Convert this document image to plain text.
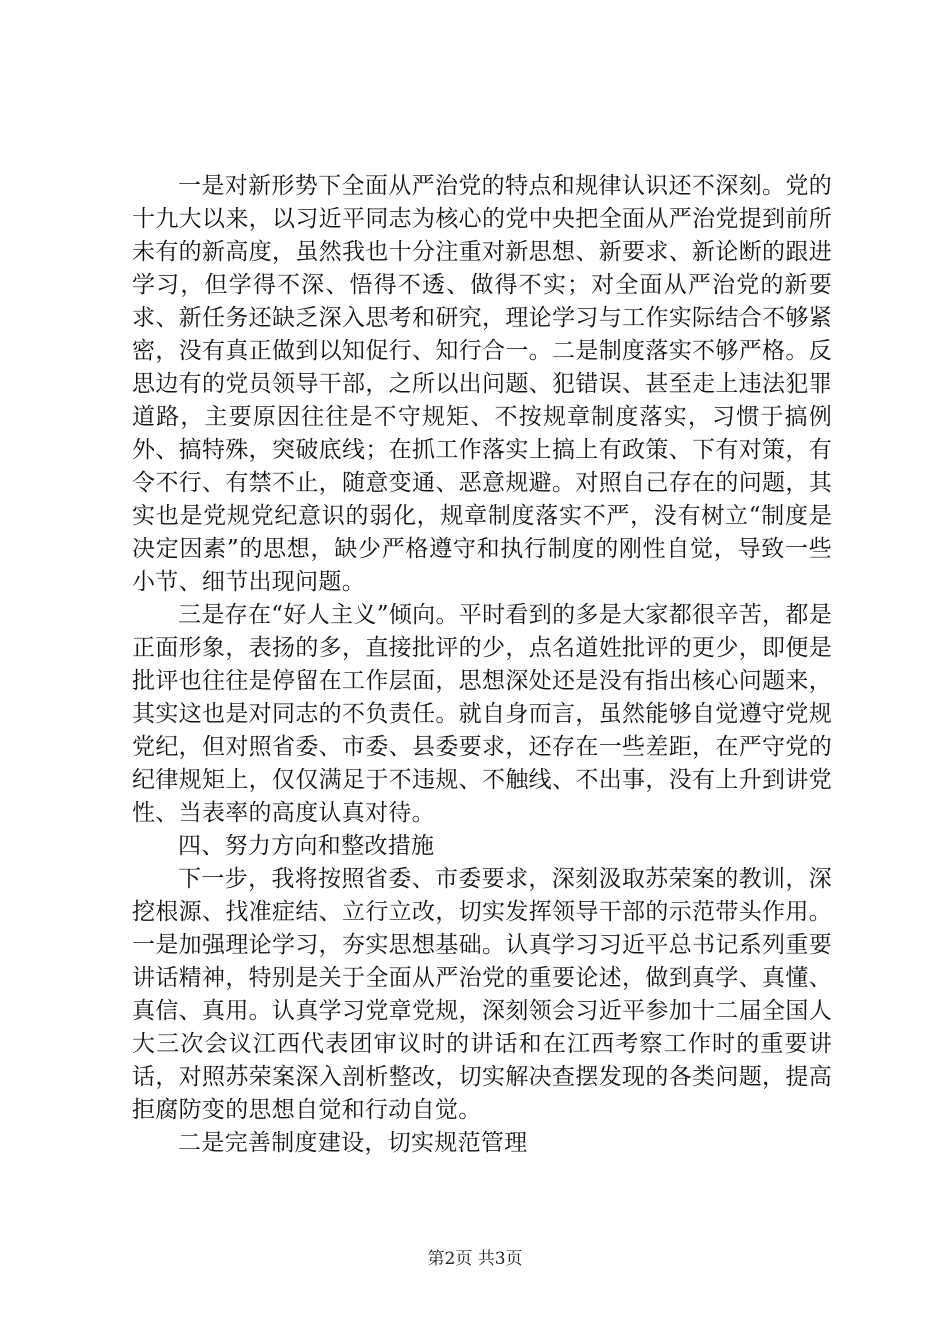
一是对新形势下全面从严治党的特点和规律认识还不深刻。党的十九大以来，以习近平同志为核心的党中央把全面从严治党提到前所未有的新高度，虽然我也十分注重对新思想、新要求、新论断的跟进学习，但学得不深、悟得不透、做得不实；对全面从严治党的新要求、新任务还缺乏深入思考和研究，理论学习与工作实际结合不够紧密，没有真正做到以知促行、知行合一。二是制度落实不够严格。反思边有的党员领导干部，之所以出问题、犯错误、甚至走上违法犯罪道路，主要原因往往是不守规矩、不按规章制度落实，习惯于搞例外、搞特殊，突破底线；在抓工作落实上搞上有政策、下有对策，有令不行、有禁不止，随意变通、恶意规避。对照自己存在的问题，其实也是党规党纪意识的弱化，规章制度落实不严，没有树立“制度是决定因素”的思想，缺少严格遵守和执行制度的刚性自觉，导致一些小节、细节出现问题。

三是存在“好人主义”倾向。平时看到的多是大家都很辛苦，都是正面形象，表扬的多，直接批评的少，点名道姓批评的更少，即便是批评也往往是停留在工作层面，思想深处还是没有指出核心问题来，其实这也是对同志的不负责任。就自身而言，虽然能够自觉遵守党规党纪，但对照省委、市委、县委要求，还存在一些差距，在严守党的纪律规矩上，仅仅满足于不违规、不触线、不出事，没有上升到讲党性、当表率的高度认真对待。

四、努力方向和整改措施

下一步，我将按照省委、市委要求，深刻汲取苏荣案的教训，深挖根源、找准症结、立行立改，切实发挥领导干部的示范带头作用。一是加强理论学习，夯实思想基础。认真学习习近平总书记系列重要讲话精神，特别是关于全面从严治党的重要论述，做到真学、真懂、真信、真用。认真学习党章党规，深刻领会习近平参加十二届全国人大三次会议江西代表团审议时的讲话和在江西考察工作时的重要讲话，对照苏荣案深入剖析整改，切实解决查摆发现的各类问题，提高拒腐防变的思想自觉和行动自觉。

二是完善制度建设，切实规范管理

第2页 共3页
